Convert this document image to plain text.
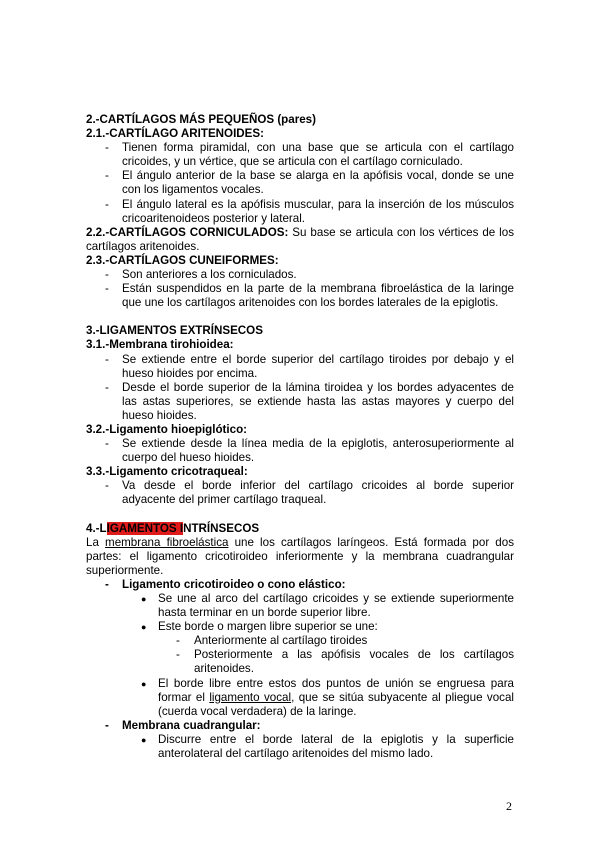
2.-CARTÍLAGOS MÁS PEQUEÑOS (pares)
2.1.-CARTÍLAGO ARITENOIDES:
- Tienen forma piramidal, con una base que se articula con el cartílago cricoides, y un vértice, que se articula con el cartílago corniculado.
- El ángulo anterior de la base se alarga en la apófisis vocal, donde se une con los ligamentos vocales.
- El ángulo lateral es la apófisis muscular, para la inserción de los músculos cricoaritenoideos posterior y lateral.

2.2.-CARTÍLAGOS CORNICULADOS: Su base se articula con los vértices de los cartílagos aritenoides.

2.3.-CARTÍLAGOS CUNEIFORMES:
- Son anteriores a los corniculados.
- Están suspendidos en la parte de la membrana fibroelástica de la laringe que une los cartílagos aritenoides con los bordes laterales de la epiglotis.
3.-LIGAMENTOS EXTRÍNSECOS
3.1.-Membrana tirohioidea:
- Se extiende entre el borde superior del cartílago tiroides por debajo y el hueso hioides por encima.
- Desde el borde superior de la lámina tiroidea y los bordes adyacentes de las astas superiores, se extiende hasta las astas mayores y cuerpo del hueso hioides.
3.2.-Ligamento hioepiglótico:
- Se extiende desde la línea media de la epiglotis, anterosuperiormente al cuerpo del hueso hioides.
3.3.-Ligamento cricotraqueal:
- Va desde el borde inferior del cartílago cricoides al borde superior adyacente del primer cartílago traqueal.
4.-LIGAMENTOS INTRÍNSECOS

La membrana fibroelástica une los cartílagos laríngeos. Está formada por dos partes: el ligamento cricotiroideo inferiormente y la membrana cuadrangular superiormente.

- Ligamento cricotiroideo o cono elástico:
● Se une al arco del cartílago cricoides y se extiende superiormente hasta terminar en un borde superior libre.
● Este borde o margen libre superior se une:
- Anteriormente al cartílago tiroides
- Posteriormente a las apófisis vocales de los cartílagos aritenoides.
● El borde libre entre estos dos puntos de unión se engruesa para formar el ligamento vocal, que se sitúa subyacente al pliegue vocal (cuerda vocal verdadera) de la laringe.
- Membrana cuadrangular:
● Discurre entre el borde lateral de la epiglotis y la superficie anterolateral del cartílago aritenoides del mismo lado.
2
